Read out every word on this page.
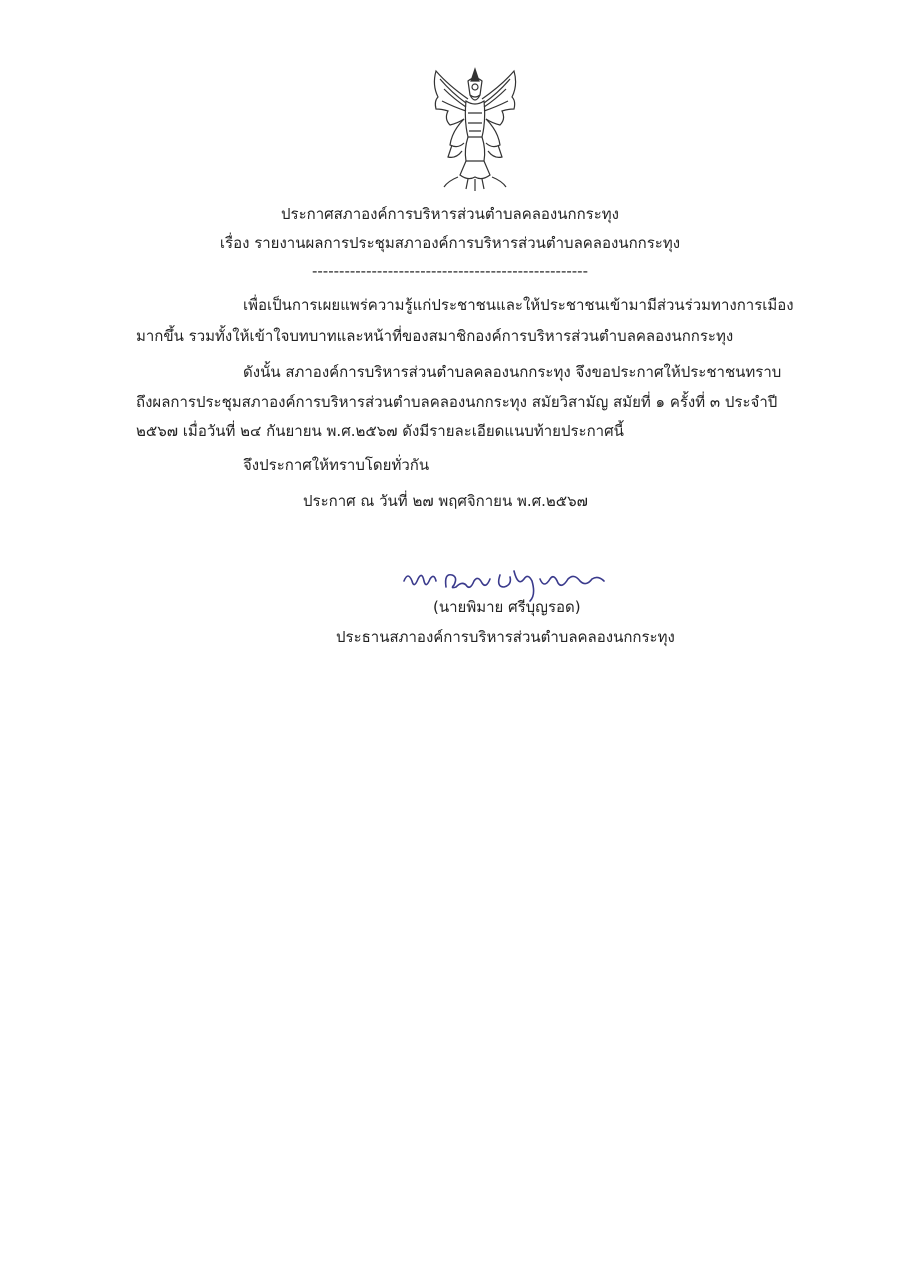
ประกาศสภาองค์การบริหารส่วนตำบลคลองนกกระทุง
เรื่อง รายงานผลการประชุมสภาองค์การบริหารส่วนตำบลคลองนกกระทุง
---------------------------------------------------
เพื่อเป็นการเผยแพร่ความรู้แก่ประชาชนและให้ประชาชนเข้ามามีส่วนร่วมทางการเมือง
มากขึ้น รวมทั้งให้เข้าใจบทบาทและหน้าที่ของสมาชิกองค์การบริหารส่วนตำบลคลองนกกระทุง
ดังนั้น สภาองค์การบริหารส่วนตำบลคลองนกกระทุง จึงขอประกาศให้ประชาชนทราบ
ถึงผลการประชุมสภาองค์การบริหารส่วนตำบลคลองนกกระทุง สมัยวิสามัญ สมัยที่ ๑ ครั้งที่ ๓ ประจำปี
๒๕๖๗ เมื่อวันที่ ๒๔ กันยายน พ.ศ.๒๕๖๗ ดังมีรายละเอียดแนบท้ายประกาศนี้
จึงประกาศให้ทราบโดยทั่วกัน
ประกาศ ณ วันที่ ๒๗ พฤศจิกายน พ.ศ.๒๕๖๗
(นายพิมาย ศรีบุญรอด)
ประธานสภาองค์การบริหารส่วนตำบลคลองนกกระทุง
